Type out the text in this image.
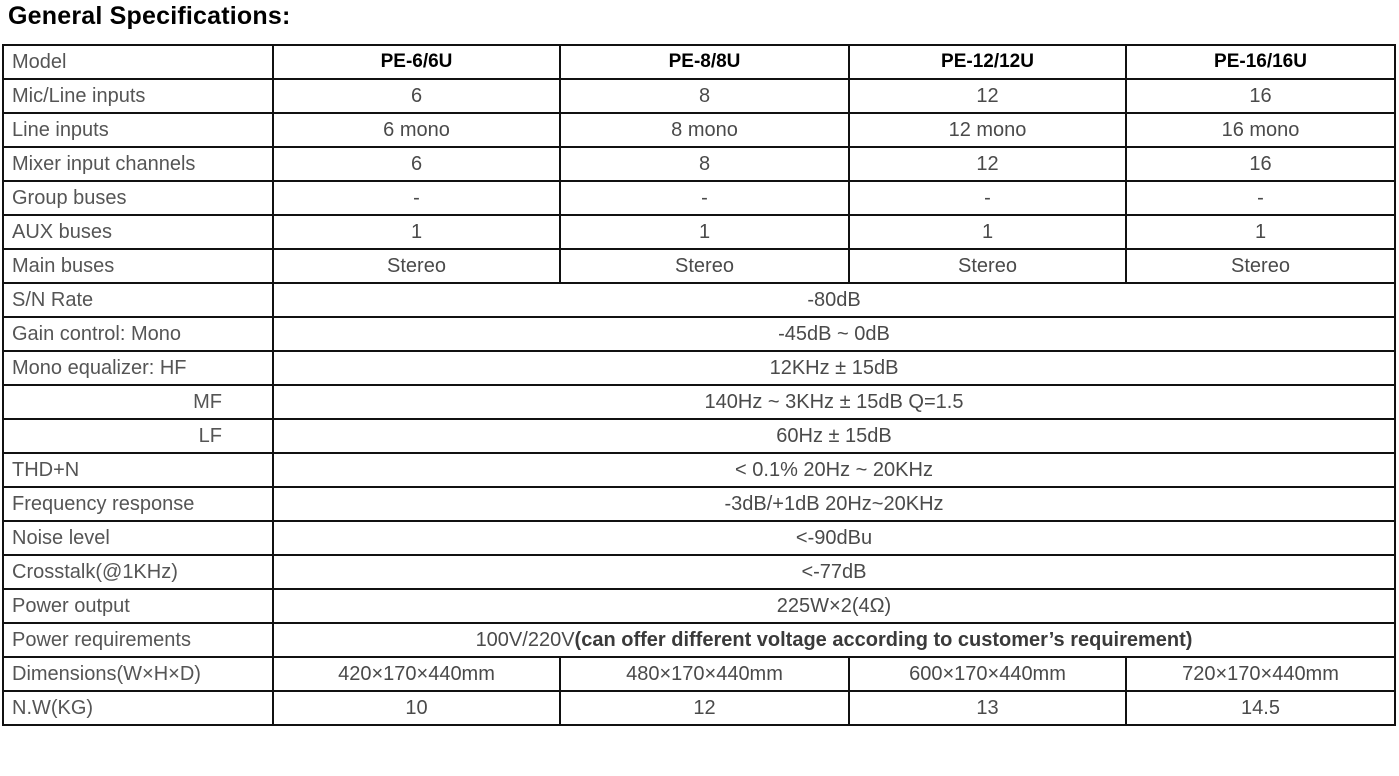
General Specifications:
Model	PE-6/6U	PE-8/8U	PE-12/12U	PE-16/16U
Mic/Line inputs	6	8	12	16
Line inputs	6 mono	8 mono	12 mono	16 mono
Mixer input channels	6	8	12	16
Group buses	-	-	-	-
AUX buses	1	1	1	1
Main buses	Stereo	Stereo	Stereo	Stereo
S/N Rate	-80dB			
Gain control: Mono	-45dB ~ 0dB			
Mono equalizer: HF	12KHz ± 15dB			
MF	140Hz ~ 3KHz ± 15dB Q=1.5			
LF	60Hz ± 15dB			
THD+N	< 0.1% 20Hz ~ 20KHz			
Frequency response	-3dB/+1dB 20Hz~20KHz			
Noise level	<-90dBu			
Crosstalk(@1KHz)	<-77dB			
Power output	225W×2(4Ω)			
Power requirements	100V/220V(can offer different voltage according to customer’s requirement)			
Dimensions(W×H×D)	420×170×440mm	480×170×440mm	600×170×440mm	720×170×440mm
N.W(KG)	10	12	13	14.5
